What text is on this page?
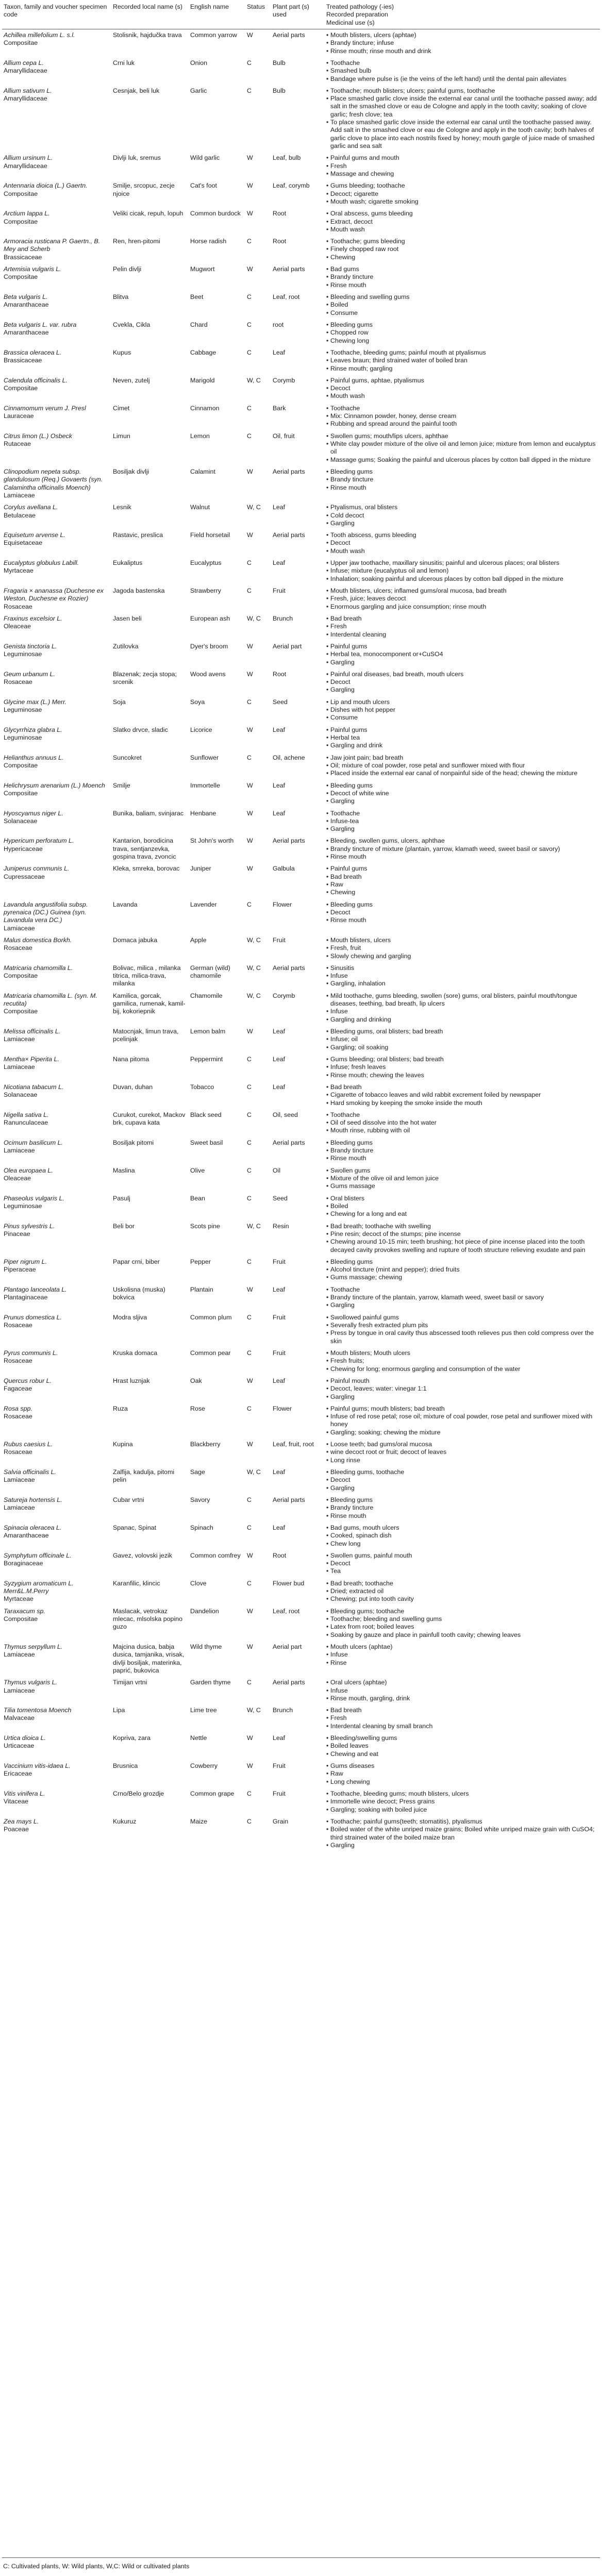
Taxon, family and voucher specimen code	Recorded local name (s)	English name	Status	Plant part (s) used	Treated pathology (-ies)
Recorded preparation
Medicinal use (s)

Achillea millefolium L. s.l.
Compositae	Stolisnik, hajdučka trava	Common yarrow	W	Aerial parts	• Mouth blisters, ulcers (aphtae)
• Brandy tincture; infuse
• Rinse mouth; rinse mouth and drink

Allium cepa L.
Amaryllidaceae	Crni luk	Onion	C	Bulb	• Toothache
• Smashed bulb
• Bandage where pulse is (ie the veins of the left hand) until the dental pain alleviates

Allium sativum L.
Amaryllidaceae	Cesnjak, beli luk	Garlic	C	Bulb	• Toothache; mouth blisters; ulcers; painful gums, toothache
• Place smashed garlic clove inside the external ear canal until the toothache passed away; add salt in the smashed clove or eau de Cologne and apply in the tooth cavity; soaking of clove garlic; fresh clove; tea
• To place smashed garlic clove inside the external ear canal until the toothache passed away. Add salt in the smashed clove or eau de Cologne and apply in the tooth cavity; both halves of garlic clove to place into each nostrils fixed by honey; mouth gargle of juice made of smashed garlic and sea salt

Allium ursinum L.
Amaryllidaceae	Divlji luk, sremus	Wild garlic	W	Leaf, bulb	• Painful gums and mouth
• Fresh
• Massage and chewing

Antennaria dioica (L.) Gaertn.
Compositae	Smilje, srcopuc, zecje njoice	Cat's foot	W	Leaf, corymb	• Gums bleeding; toothache
• Decoct; cigarette
• Mouth wash; cigarette smoking

Arctium lappa L.
Compositae	Veliki cicak, repuh, lopuh	Common burdock	W	Root	• Oral abscess, gums bleeding
• Extract, decoct
• Mouth wash

Armoracia rusticana P. Gaertn., B. Mey and Scherb
Brassicaceae	Ren, hren-pitomi	Horse radish	C	Root	• Toothache; gums bleeding
• Finely chopped raw root
• Chewing

Artemisia vulgaris L.
Compositae	Pelin divlji	Mugwort	W	Aerial parts	• Bad gums
• Brandy tincture
• Rinse mouth

Beta vulgaris L.
Amaranthaceae	Blitva	Beet	C	Leaf, root	• Bleeding and swelling gums
• Boiled
• Consume

Beta vulgaris L. var. rubra
Amaranthaceae	Cvekla, Cikla	Chard	C	root	• Bleeding gums
• Chopped row
• Chewing long

Brassica oleracea L.
Brassicaceae	Kupus	Cabbage	C	Leaf	• Toothache, bleeding gums; painful mouth at ptyalismus
• Leaves braun; third strained water of boiled bran
• Rinse mouth; gargling

Calendula officinalis L.
Compositae	Neven, zutelj	Marigold	W, C	Corymb	• Painful gums, aphtae, ptyalismus
• Decoct
• Mouth wash

Cinnamomum verum J. Presl
Lauraceae	Cimet	Cinnamon	C	Bark	• Toothache
• Mix: Cinnamon powder, honey, dense cream
• Rubbing and spread around the painful tooth

Citrus limon (L.) Osbeck
Rutaceae	Limun	Lemon	C	Oil, fruit	• Swollen gums; mouth/lips ulcers, aphthae
• White clay powder mixture of the olive oil and lemon juice; mixture from lemon and eucalyptus oil
• Massage gums; Soaking the painful and ulcerous places by cotton ball dipped in the mixture

Clinopodium nepeta subsp. glandulosum (Req.) Govaerts (syn. Calamintha officinalis Moench)
Lamiaceae	Bosiljak divlji	Calamint	W	Aerial parts	• Bleeding gums
• Brandy tincture
• Rinse mouth

Corylus avellana L.
Betulaceae	Lesnik	Walnut	W, C	Leaf	• Ptyalismus, oral blisters
• Cold decoct
• Gargling

Equisetum arvense L.
Equisetaceae	Rastavic, preslica	Field horsetail	W	Aerial parts	• Tooth abscess, gums bleeding
• Decoct
• Mouth wash

Eucalyptus globulus Labill.
Myrtaceae	Eukaliptus	Eucalyptus	C	Leaf	• Upper jaw toothache, maxillary sinusitis; painful and ulcerous places; oral blisters
• Infuse; mixture (eucalyptus oil and lemon)
• Inhalation; soaking painful and ulcerous places by cotton ball dipped in the mixture

Fragaria × ananassa (Duchesne ex Weston, Duchesne ex Rozier)
Rosaceae	Jagoda bastenska	Strawberry	C	Fruit	• Mouth blisters, ulcers; inflamed gums/oral mucosa, bad breath
• Fresh, juice; leaves decoct
• Enormous gargling and juice consumption; rinse mouth

Fraxinus excelsior L.
Oleaceae	Jasen beli	European ash	W, C	Brunch	• Bad breath
• Fresh
• Interdental cleaning

Genista tinctoria L.
Leguminosae	Zutilovka	Dyer's broom	W	Aerial part	• Painful gums
• Herbal tea, monocomponent or+CuSO4
• Gargling

Geum urbanum L.
Rosaceae	Blazenak; zecja stopa; srcenik	Wood avens	W	Root	• Painful oral diseases, bad breath, mouth ulcers
• Decoct
• Gargling

Glycine max (L.) Merr.
Leguminosae	Soja	Soya	C	Seed	• Lip and mouth ulcers
• Dishes with hot pepper
• Consume

Glycyrrhiza glabra L.
Leguminosae	Slatko drvce, sladic	Licorice	W	Leaf	• Painful gums
• Herbal tea
• Gargling and drink

Helianthus annuus L.
Compositae	Suncokret	Sunflower	C	Oil, achene	• Jaw joint pain; bad breath
• Oil; mixture of coal powder, rose petal and sunflower mixed with flour
• Placed inside the external ear canal of nonpainful side of the head; chewing the mixture

Helichrysum arenarium (L.) Moench
Compositae	Smilje	Immortelle	W	Leaf	• Bleeding gums
• Decoct of white wine
• Gargling

Hyoscyamus niger L.
Solanaceae	Bunika, baliam, svinjarac	Henbane	W	Leaf	• Toothache
• Infuse-tea
• Gargling

Hypericum perforatum L.
Hypericaceae	Kantarion, borodicina trava, sentjanzevka, gospina trava, zvoncic	St John's worth	W	Aerial parts	• Bleeding, swollen gums, ulcers, aphthae
• Brandy tincture of mixture (plantain, yarrow, klamath weed, sweet basil or savory)
• Rinse mouth

Juniperus communis L.
Cupressaceae	Kleka, smreka, borovac	Juniper	W	Galbula	• Painful gums
• Bad breath
• Raw
• Chewing

Lavandula angustifolia subsp. pyrenaica (DC.) Guinea (syn. Lavandula vera DC.)
Lamiaceae	Lavanda	Lavender	C	Flower	• Bleeding gums
• Decoct
• Rinse mouth

Malus domestica Borkh.
Rosaceae	Domaca jabuka	Apple	W, C	Fruit	• Mouth blisters, ulcers
• Fresh, fruit
• Slowly chewing and gargling

Matricaria chamomilla L.
Compositae	Bolivac, milica , milanka titrica, milica-trava, milanka	German (wild) chamomile	W, C	Aerial parts	• Sinusitis
• Infuse
• Gargling, inhalation

Matricaria chamomilla L. (syn. M. recutita)
Compositae	Kamilica, gorcak, gamilica, rumenak, kamil-bij, kokoriepnik	Chamomile	W, C	Corymb	• Mild toothache, gums bleeding, swollen (sore) gums, oral blisters, painful mouth/tongue diseases, teething, bad breath, lip ulcers
• Infuse
• Gargling and drinking

Melissa officinalis L.
Lamiaceae	Matocnjak, limun trava, pcelinjak	Lemon balm	W	Leaf	• Bleeding gums, oral blisters; bad breath
• Infuse; oil
• Gargling; oil soaking

Mentha× Piperita L.
Lamiaceae	Nana pitoma	Peppermint	C	Leaf	• Gums bleeding; oral blisters; bad breath
• Infuse; fresh leaves
• Rinse mouth; chewing the leaves

Nicotiana tabacum L.
Solanaceae	Duvan, duhan	Tobacco	C	Leaf	• Bad breath
• Cigarette of tobacco leaves and wild rabbit excrement foiled by newspaper
• Hard smoking by keeping the smoke inside the mouth

Nigella sativa L.
Ranunculaceae	Curukot, curekot, Mackov brk, cupava kata	Black seed	C	Oil, seed	• Toothache
• Oil of seed dissolve into the hot water
• Mouth rinse, rubbing with oil

Ocimum basilicum L.
Lamiaceae	Bosiljak pitomi	Sweet basil	C	Aerial parts	• Bleeding gums
• Brandy tincture
• Rinse mouth

Olea europaea L.
Oleaceae	Maslina	Olive	C	Oil	• Swollen gums
• Mixture of the olive oil and lemon juice
• Gums massage

Phaseolus vulgaris L.
Leguminosae	Pasulj	Bean	C	Seed	• Oral blisters
• Boiled
• Chewing for a long and eat

Pinus sylvestris L.
Pinaceae	Beli bor	Scots pine	W, C	Resin	• Bad breath; toothache with swelling
• Pine resin; decoct of the stumps; pine incense
• Chewing around 10-15 min; teeth brushing; hot piece of pine incense placed into the tooth decayed cavity provokes swelling and rupture of tooth structure relieving exudate and pain

Piper nigrum L.
Piperaceae	Papar crni, biber	Pepper	C	Fruit	• Bleeding gums
• Alcohol tincture (mint and pepper); dried fruits
• Gums massage; chewing

Plantago lanceolata L.
Plantaginaceae	Uskolisna (muska) bokvica	Plantain	W	Leaf	• Toothache
• Brandy tincture of the plantain, yarrow, klamath weed, sweet basil or savory
• Gargling

Prunus domestica L.
Rosaceae	Modra sljiva	Common plum	C	Fruit	• Swollowed painful gums
• Severally fresh extracted plum pits
• Press by tongue in oral cavity thus abscessed tooth relieves pus then cold compress over the skin

Pyrus communis L.
Rosaceae	Kruska domaca	Common pear	C	Fruit	• Mouth blisters; Mouth ulcers
• Fresh fruits;
• Chewing for long; enormous gargling and consumption of the water

Quercus robur L.
Fagaceae	Hrast luznjak	Oak	W	Leaf	• Painful mouth
• Decoct, leaves; water: vinegar 1:1
• Gargling

Rosa spp.
Rosaceae	Ruza	Rose	C	Flower	• Painful gums; mouth blisters; bad breath
• Infuse of red rose petal; rose oil; mixture of coal powder, rose petal and sunflower mixed with honey
• Gargling; soaking; chewing the mixture

Rubus caesius L.
Rosaceae	Kupina	Blackberry	W	Leaf, fruit, root	• Loose teeth; bad gums/oral mucosa
• wine decoct root or fruit; decoct of leaves
• Long rinse

Salvia officinalis L.
Lamiaceae	Zalfija, kadulja, pitomi pelin	Sage	W, C	Leaf	• Bleeding gums, toothache
• Decoct
• Gargling

Satureja hortensis L.
Lamiaceae	Cubar vrtni	Savory	C	Aerial parts	• Bleeding gums
• Brandy tincture
• Rinse mouth

Spinacia oleracea L.
Amaranthaceae	Spanac, Spinat	Spinach	C	Leaf	• Bad gums, mouth ulcers
• Cooked, spinach dish
• Chew long

Symphytum officinale L.
Boraginaceae	Gavez, volovski jezik	Common comfrey	W	Root	• Swollen gums, painful mouth
• Decoct
• Tea

Syzygium aromaticum L. Merr&L.M.Perry
Myrtaceae	Karanfilic, klincic	Clove	C	Flower bud	• Bad breath; toothache
• Dried; extracted oil
• Chewing; put into tooth cavity

Taraxacum sp.
Compositae	Maslacak, vetrokaz mlecac, mlsolska popino guzo	Dandelion	W	Leaf, root	• Bleeding gums; toothache
• Toothache; bleeding and swelling gums
• Latex from root; boiled leaves
• Soaking by gauze and place in painfull tooth cavity; chewing leaves

Thymus serpyllum L.
Lamiaceae	Majcina dusica, babja dusica, tamjanika, vrisak, divlji bosiljak, materinka, paprić, bukovica	Wild thyme	W	Aerial part	• Mouth ulcers (aphtae)
• Infuse
• Rinse

Thymus vulgaris L.
Lamiaceae	Timijan vrtni	Garden thyme	C	Aerial parts	• Oral ulcers (aphtae)
• Infuse
• Rinse mouth, gargling, drink

Tilia tomentosa Moench
Malvaceae	Lipa	Lime tree	W, C	Brunch	• Bad breath
• Fresh
• Interdental cleaning by small branch

Urtica dioica L.
Urticaceae	Kopriva, zara	Nettle	W	Leaf	• Bleeding/swelling gums
• Boiled leaves
• Chewing and eat

Vaccinium vitis-idaea L.
Ericaceae	Brusnica	Cowberry	W	Fruit	• Gums diseases
• Raw
• Long chewing

Vitis vinifera L.
Vitaceae	Crno/Belo grozdje	Common grape	C	Fruit	• Toothache, bleeding gums; mouth blisters, ulcers
• Immortelle wine decoct; Press grains
• Gargling; soaking with boiled juice

Zea mays L.
Poaceae	Kukuruz	Maize	C	Grain	• Toothache; painful gums(teeth; stomatitis), ptyalismus
• Boiled water of the white unriped maize grains; Boiled white unriped maize grain with CuSO4; third strained water of the boiled maize bran
• Gargling
C: Cultivated plants, W: Wild plants, W,C: Wild or cultivated plants
